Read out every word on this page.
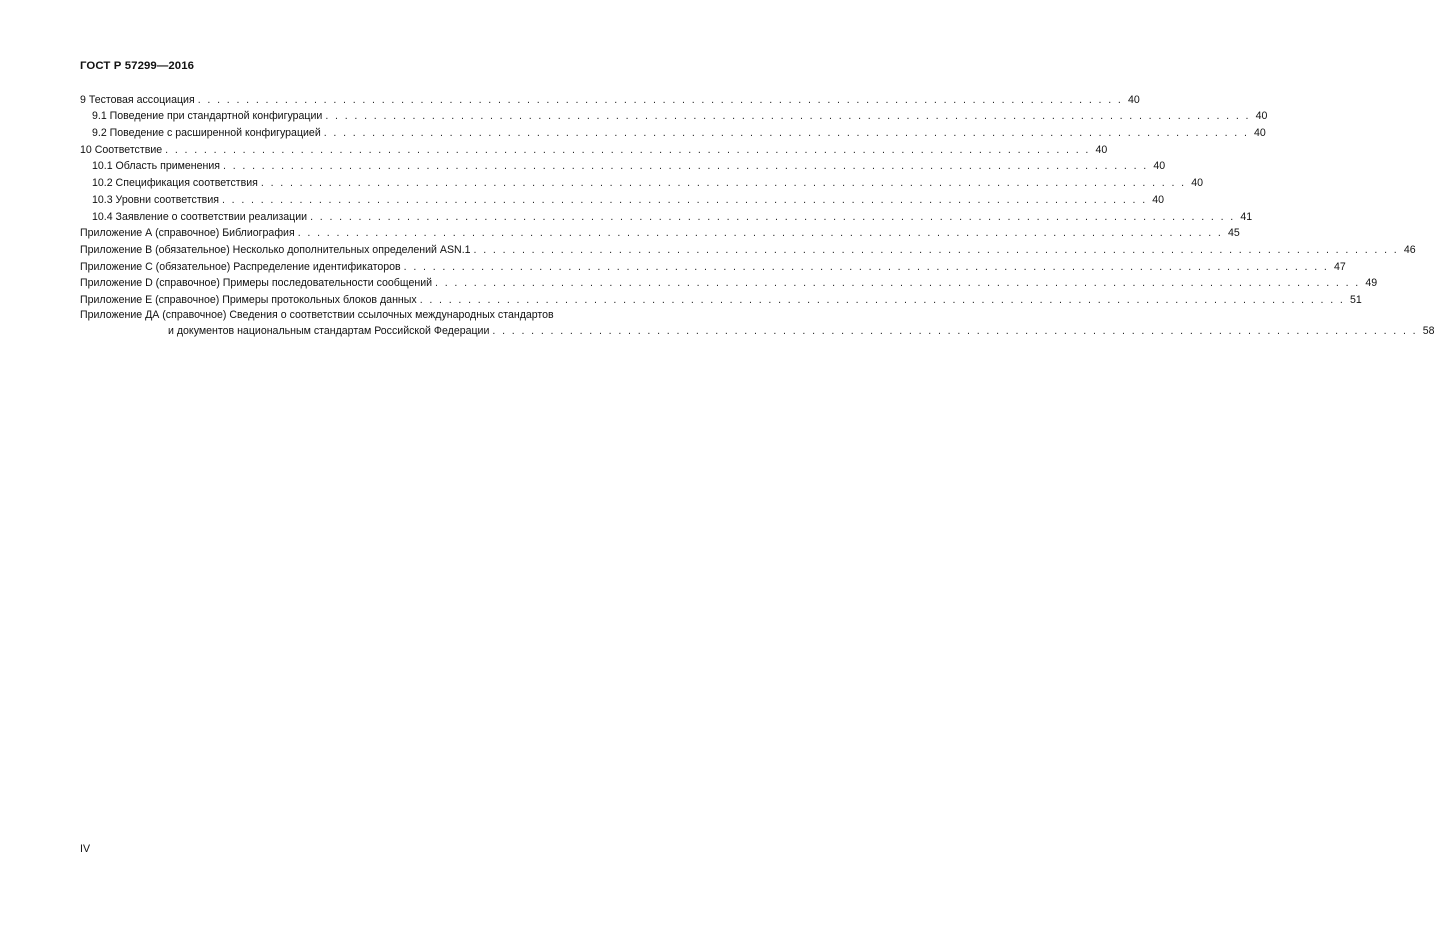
ГОСТ Р 57299—2016
9 Тестовая ассоциация . . . . . . . . . . . . . . . . . . . . . . . . . . . . . . . . . . . . . . . . . . . . . . . . . . . . . . . . . . . . . . . . . . . . . . . . . . . . . . . . . . . . . . . . . . . . . . . . 40
9.1 Поведение при стандартной конфигурации . . . . . . . . . . . . . . . . . . . . . . . . . . . . . . . . . . . . . . . . . . . . . . . . . . . . . . . . . . . . . . . . . . . . . . . . . . . . . . . . . . . . . . . . . . . . . . . . 40
9.2 Поведение с расширенной конфигурацией . . . . . . . . . . . . . . . . . . . . . . . . . . . . . . . . . . . . . . . . . . . . . . . . . . . . . . . . . . . . . . . . . . . . . . . . . . . . . . . . . . . . . . . . . . . . . . . . 40
10 Соответствие . . . . . . . . . . . . . . . . . . . . . . . . . . . . . . . . . . . . . . . . . . . . . . . . . . . . . . . . . . . . . . . . . . . . . . . . . . . . . . . . . . . . . . . . . . . . . . . . 40
10.1 Область применения . . . . . . . . . . . . . . . . . . . . . . . . . . . . . . . . . . . . . . . . . . . . . . . . . . . . . . . . . . . . . . . . . . . . . . . . . . . . . . . . . . . . . . . . . . . . . . . . 40
10.2 Спецификация соответствия . . . . . . . . . . . . . . . . . . . . . . . . . . . . . . . . . . . . . . . . . . . . . . . . . . . . . . . . . . . . . . . . . . . . . . . . . . . . . . . . . . . . . . . . . . . . . . . . 40
10.3 Уровни соответствия . . . . . . . . . . . . . . . . . . . . . . . . . . . . . . . . . . . . . . . . . . . . . . . . . . . . . . . . . . . . . . . . . . . . . . . . . . . . . . . . . . . . . . . . . . . . . . . . 40
10.4 Заявление о соответствии реализации . . . . . . . . . . . . . . . . . . . . . . . . . . . . . . . . . . . . . . . . . . . . . . . . . . . . . . . . . . . . . . . . . . . . . . . . . . . . . . . . . . . . . . . . . . . . . . . . 41
Приложение А (справочное) Библиография . . . . . . . . . . . . . . . . . . . . . . . . . . . . . . . . . . . . . . . . . . . . . . . . . . . . . . . . . . . . . . . . . . . . . . . . . . . . . . . . . . . . . . . . . . . . . . . . 45
Приложение В (обязательное) Несколько дополнительных определений ASN.1 . . . . . . . . . . . . . . . . . . . . . . . . . . . . . . . . . . . . . . . . . . . . . . . . . . . . . . . . . . . . . . . . . . . . . . . . . . . . . . . . . . . . . . . . . . . . . . . . 46
Приложение С (обязательное) Распределение идентификаторов . . . . . . . . . . . . . . . . . . . . . . . . . . . . . . . . . . . . . . . . . . . . . . . . . . . . . . . . . . . . . . . . . . . . . . . . . . . . . . . . . . . . . . . . . . . . . . . . 47
Приложение D (справочное) Примеры последовательности сообщений . . . . . . . . . . . . . . . . . . . . . . . . . . . . . . . . . . . . . . . . . . . . . . . . . . . . . . . . . . . . . . . . . . . . . . . . . . . . . . . . . . . . . . . . . . . . . . . . 49
Приложение Е (справочное) Примеры протокольных блоков данных . . . . . . . . . . . . . . . . . . . . . . . . . . . . . . . . . . . . . . . . . . . . . . . . . . . . . . . . . . . . . . . . . . . . . . . . . . . . . . . . . . . . . . . . . . . . . . . . 51
Приложение ДА (справочное) Сведения о соответствии ссылочных международных стандартов
и документов национальным стандартам Российской Федерации . . . . . . . . . . . . . . . . . . . . . . . . . . . . . . . . . . . . . . . . . . . . . . . . . . . . . . . . . . . . . . . . . . . . . . . . . . . . . . . . . . . . . . . . . . . . . . . . 58
IV
